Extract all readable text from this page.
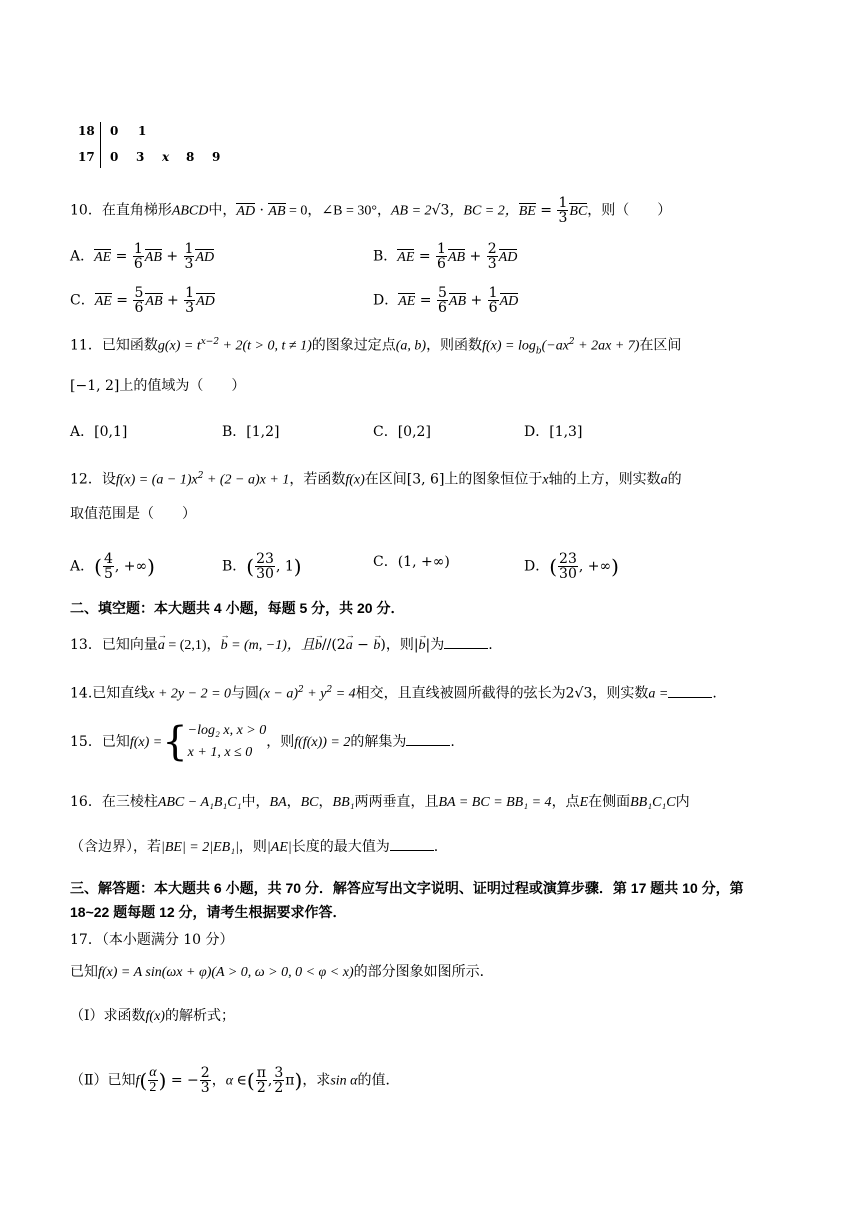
18 0 1
17 0 3 x 8 9
10．在直角梯形ABCD中，AD · AB = 0，∠B = 30°，AB = 2√3，BC = 2，BE = $\frac{1}{3}$ BC，则（　　）
A．AE = $\frac{1}{6}$ AB + $\frac{1}{3}$ AD	B．AE = $\frac{1}{6}$ AB + $\frac{2}{3}$ AD
C．AE = $\frac{5}{6}$ AB + $\frac{1}{3}$ AD	D．AE = $\frac{5}{6}$ AB + $\frac{1}{6}$ AD
11．已知函数$g(x) = t^{x-2} + 2(t > 0$, t ≠ 1)的图象过定点(a, b)，则函数$f(x) = \log_b(-ax^2 + 2ax + 7)$在区间
[−1, 2]上的值域为（　　）
A．[0,1]	B．[1,2]	C．[0,2]	D．[1,3]
12．设$f(x) = (a - 1)x^2 + (2 - a)x + 1$，若函数f(x)在区间[3, 6]上的图象恒位于x轴的上方，则实数a的
取值范围是（　　）
A．( $\frac{4}{5}$ , +∞)	B．( $\frac{23}{30}$ , 1)	C．(1, +∞)	D．( $\frac{23}{30}$ , +∞)
二、填空题：本大题共 4 小题，每题 5 分，共 20 分．
13．已知向量→ a = (2,1)，→ b = (m, −1)，且→ b//(2→ a − → b)，则|→ b|为	.
14.已知直线x + 2y − 2 = 0与圆$(x - a)^2 + y^2 = 4$相交，且直线被圆所截得的弦长为2√3，则实数a =	.
15．已知f(x) ={ −log₂ x, x > 0
x + 1, x ≤ 0
，则f(f(x)) = 2的解集为	.
16．在三棱柱ABC − A₁B₁C₁中，BA，BC，BB₁两两垂直，且BA = BC = BB₁ = 4，点E在侧面BB₁C₁C内
（含边界），若|BE| = 2|EB₁|，则|AE|长度的最大值为	.
三、解答题：本大题共 6 小题，共 70 分．解答应写出文字说明、证明过程或演算步骤．第 17 题共 10 分，第
18~22 题每题 12 分，请考生根据要求作答．
17．（本小题满分 10 分）
已知f(x) = A sin(ωx + φ)(A > 0, ω > 0, 0 < φ < x)的部分图象如图所示．
（Ⅰ）求函数f(x)的解析式；
（Ⅱ）已知$f( \frac{\alpha}{2}$ ) = − $\frac{2}{3}$ ，α ∈( $\frac{\pi}{2}$ , $\frac{3}{2} \pi$)，求sin α的值．
